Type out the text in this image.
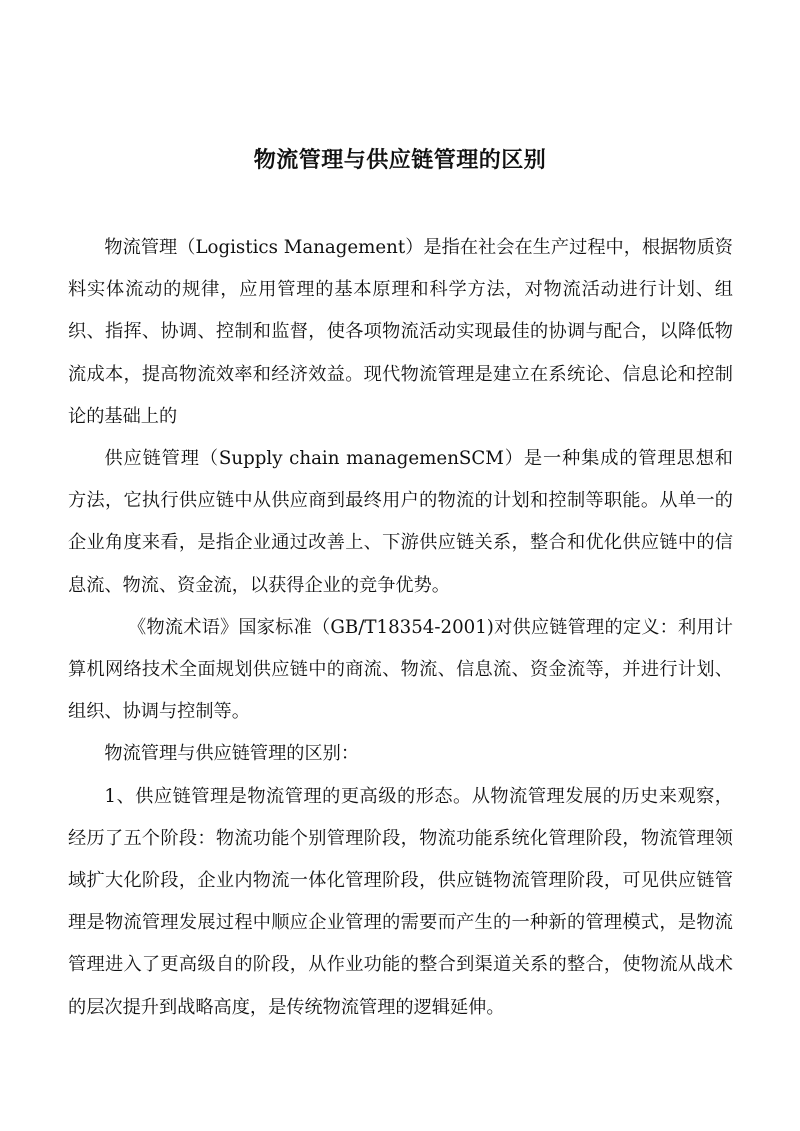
物流管理与供应链管理的区别

物流管理（Logistics Management）是指在社会在生产过程中，根据物质资料实体流动的规律，应用管理的基本原理和科学方法，对物流活动进行计划、组织、指挥、协调、控制和监督，使各项物流活动实现最佳的协调与配合，以降低物流成本，提高物流效率和经济效益。现代物流管理是建立在系统论、信息论和控制论的基础上的

供应链管理（Supply chain managemenSCM）是一种集成的管理思想和方法，它执行供应链中从供应商到最终用户的物流的计划和控制等职能。从单一的企业角度来看，是指企业通过改善上、下游供应链关系，整合和优化供应链中的信息流、物流、资金流，以获得企业的竞争优势。

《物流术语》国家标准（GB/T18354-2001)对供应链管理的定义：利用计算机网络技术全面规划供应链中的商流、物流、信息流、资金流等，并进行计划、组织、协调与控制等。

物流管理与供应链管理的区别：

1、供应链管理是物流管理的更高级的形态。从物流管理发展的历史来观察，经历了五个阶段：物流功能个别管理阶段，物流功能系统化管理阶段，物流管理领域扩大化阶段，企业内物流一体化管理阶段，供应链物流管理阶段，可见供应链管理是物流管理发展过程中顺应企业管理的需要而产生的一种新的管理模式，是物流管理进入了更高级自的阶段，从作业功能的整合到渠道关系的整合，使物流从战术的层次提升到战略高度，是传统物流管理的逻辑延伸。
